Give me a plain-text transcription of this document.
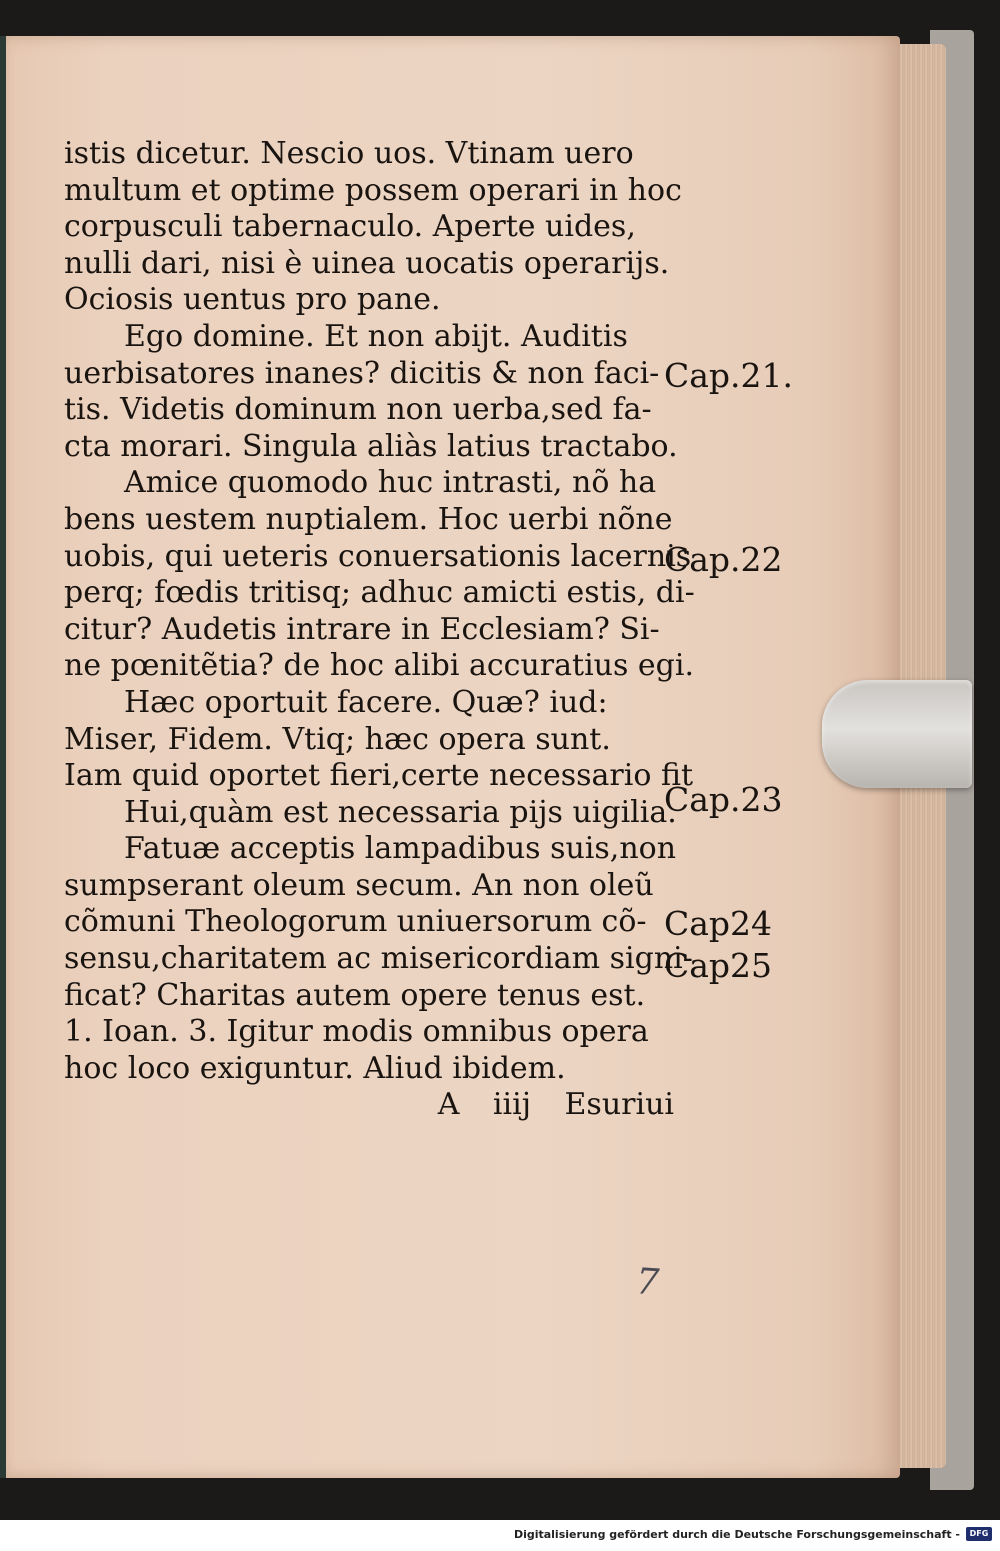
istis dicetur. Nescio uos. Vtinam uero
multum et optime possem operari in hoc
corpusculi tabernaculo. Aperte uides,
nulli dari, nisi è uinea uocatis operarijs.
Ociosis uentus pro pane.
Ego domine. Et non abijt. Auditis
uerbisatores inanes? dicitis & non faci-
tis. Videtis dominum non uerba,sed fa-
cta morari. Singula aliàs latius tractabo.
Amice quomodo huc intrasti, nõ ha
bens uestem nuptialem. Hoc uerbi nõne
uobis, qui ueteris conuersationis lacernis
perq; fœdis tritisq; adhuc amicti estis, di-
citur? Audetis intrare in Ecclesiam? Si-
ne pœnitẽtia? de hoc alibi accuratius egi.
Hæc oportuit facere. Quæ? iud:
Miser, Fidem. Vtiq; hæc opera sunt.
Iam quid oportet fieri,certe necessario fit
Hui,quàm est necessaria pijs uigilia.
Fatuæ acceptis lampadibus suis,non
sumpserant oleum secum. An non oleũ
cõmuni Theologorum uniuersorum cõ-
sensu,charitatem ac misericordiam signi-
ficat? Charitas autem opere tenus est.
1. Ioan. 3. Igitur modis omnibus opera
hoc loco exiguntur. Aliud ibidem.
A iiij Esuriui
Cap.21.
Cap.22
Cap.23
Cap24
Cap25
7
Digitalisierung gefördert durch die Deutsche Forschungsgemeinschaft -	DFG
